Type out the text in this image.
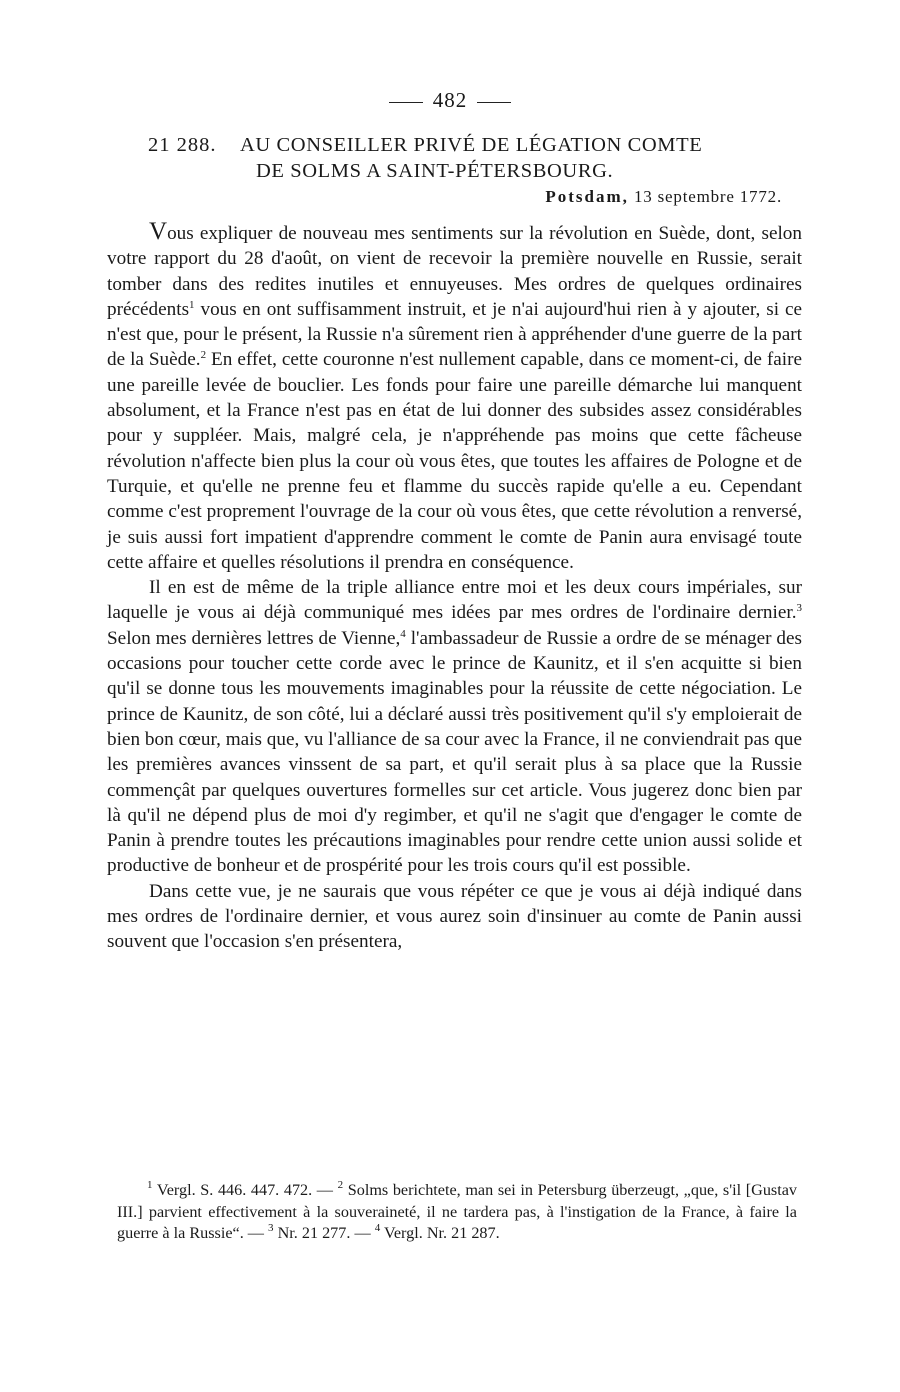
482
21 288. AU CONSEILLER PRIVÉ DE LÉGATION COMTE
DE SOLMS A SAINT-PÉTERSBOURG.
Potsdam, 13 septembre 1772.

Vous expliquer de nouveau mes sentiments sur la révolution en Suède, dont, selon votre rapport du 28 d'août, on vient de recevoir la première nouvelle en Russie, serait tomber dans des redites inutiles et ennuyeuses. Mes ordres de quelques ordinaires précédents$^1$ vous en ont suffisamment instruit, et je n'ai aujourd'hui rien à y ajouter, si ce n'est que, pour le présent, la Russie n'a sûrement rien à appréhender d'une guerre de la part de la Suède.$^2$ En effet, cette couronne n'est nullement capable, dans ce moment-ci, de faire une pareille levée de bouclier. Les fonds pour faire une pareille démarche lui manquent absolument, et la France n'est pas en état de lui donner des subsides assez considérables pour y suppléer. Mais, malgré cela, je n'appréhende pas moins que cette fâcheuse révolution n'affecte bien plus la cour où vous êtes, que toutes les affaires de Pologne et de Turquie, et qu'elle ne prenne feu et flamme du succès rapide qu'elle a eu. Cependant comme c'est proprement l'ouvrage de la cour où vous êtes, que cette révolution a renversé, je suis aussi fort impatient d'apprendre comment le comte de Panin aura envisagé toute cette affaire et quelles résolutions il prendra en conséquence.

Il en est de même de la triple alliance entre moi et les deux cours impériales, sur laquelle je vous ai déjà communiqué mes idées par mes ordres de l'ordinaire dernier.$^3$ Selon mes dernières lettres de Vienne,$^4$ l'ambassadeur de Russie a ordre de se ménager des occasions pour toucher cette corde avec le prince de Kaunitz, et il s'en acquitte si bien qu'il se donne tous les mouvements imaginables pour la réussite de cette négociation. Le prince de Kaunitz, de son côté, lui a déclaré aussi très positivement qu'il s'y emploierait de bien bon cœur, mais que, vu l'alliance de sa cour avec la France, il ne conviendrait pas que les premières avances vinssent de sa part, et qu'il serait plus à sa place que la Russie commençât par quelques ouvertures formelles sur cet article. Vous jugerez donc bien par là qu'il ne dépend plus de moi d'y regimber, et qu'il ne s'agit que d'engager le comte de Panin à prendre toutes les précautions imaginables pour rendre cette union aussi solide et productive de bonheur et de prospérité pour les trois cours qu'il est possible.

Dans cette vue, je ne saurais que vous répéter ce que je vous ai déjà indiqué dans mes ordres de l'ordinaire dernier, et vous aurez soin d'insinuer au comte de Panin aussi souvent que l'occasion s'en présentera,

$^1$ Vergl. S. 446. 447. 472. — $^2$ Solms berichtete, man sei in Petersburg überzeugt, „que, s'il [Gustav III.] parvient effectivement à la souveraineté, il ne tardera pas, à l'instigation de la France, à faire la guerre à la Russie“. — $^3$ Nr. 21 277. — $^4$ Vergl. Nr. 21 287.
